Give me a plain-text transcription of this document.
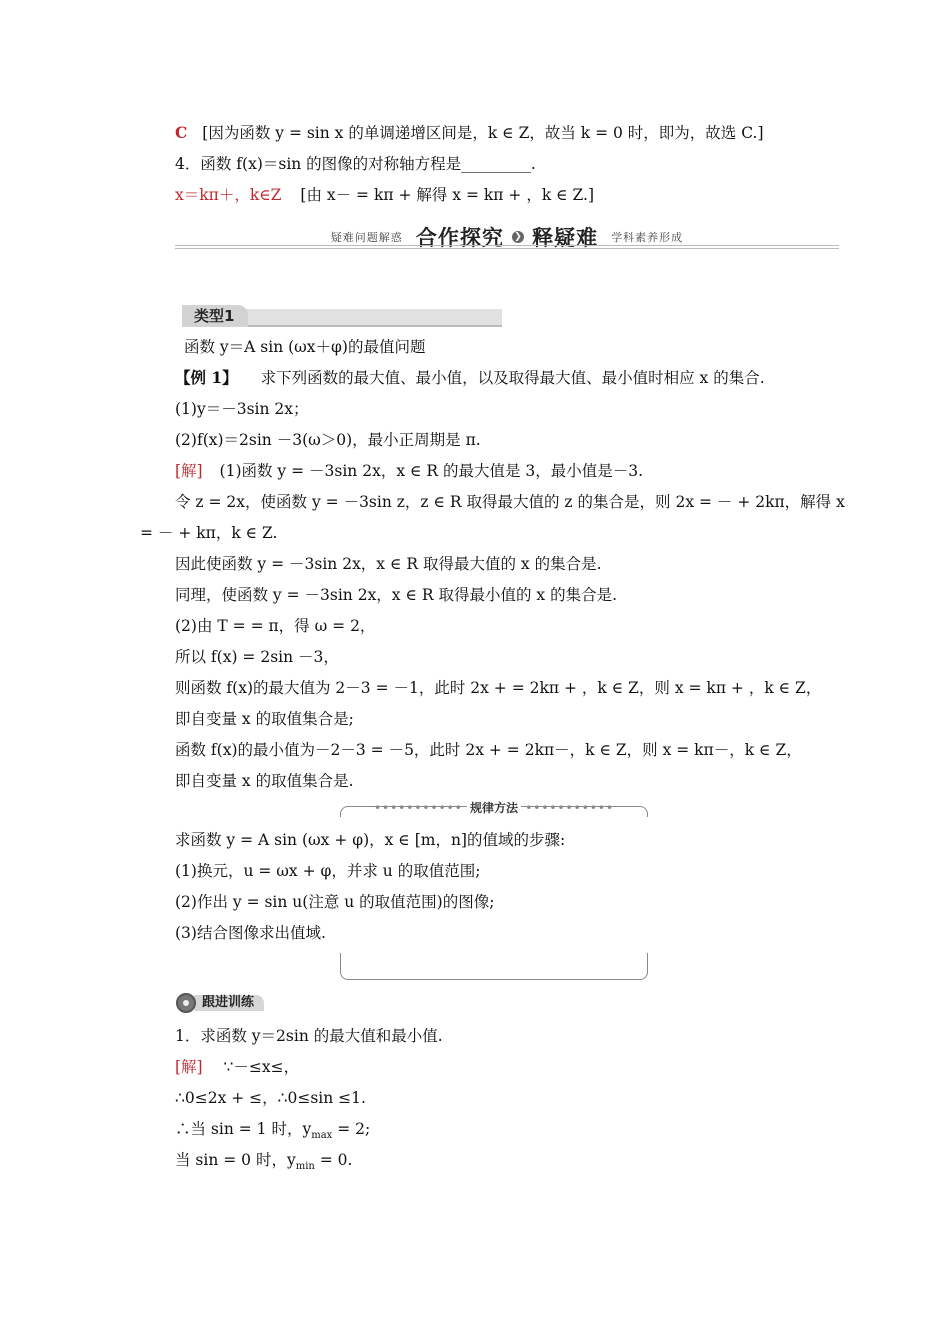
C [因为函数 y = sin x 的单调递增区间是，k ∈ Z，故当 k = 0 时，即为，故选 C.]
4．函数 f(x)＝sin 的图像的对称轴方程是_________.
x＝kπ＋，k∈Z [由 x－ = kπ + 解得 x = kπ + ，k ∈ Z.]
疑难问题解惑 合作探究 ❯ 释疑难 学科素养形成
类型1
函数 y＝A sin (ωx＋φ)的最值问题
【例 1】 求下列函数的最大值、最小值，以及取得最大值、最小值时相应 x 的集合.
(1)y＝－3sin 2x；
(2)f(x)＝2sin －3(ω＞0)，最小正周期是 π.
[解] (1)函数 y = －3sin 2x，x ∈ R 的最大值是 3，最小值是－3.
令 z = 2x，使函数 y = －3sin z，z ∈ R 取得最大值的 z 的集合是，则 2x = － + 2kπ，解得 x
= － + kπ，k ∈ Z.
因此使函数 y = －3sin 2x，x ∈ R 取得最大值的 x 的集合是.
同理，使函数 y = －3sin 2x，x ∈ R 取得最小值的 x 的集合是.
(2)由 T = = π，得 ω = 2，
所以 f(x) = 2sin －3，
则函数 f(x)的最大值为 2－3 = －1，此时 2x + = 2kπ + ，k ∈ Z，则 x = kπ + ，k ∈ Z，
即自变量 x 的取值集合是;
函数 f(x)的最小值为－2－3 = －5，此时 2x + = 2kπ－，k ∈ Z，则 x = kπ－，k ∈ Z，
即自变量 x 的取值集合是.
••••••••••• 规律方法 •••••••••••
求函数 y = A sin (ωx + φ)，x ∈ [m，n]的值域的步骤:
(1)换元，u = ωx + φ，并求 u 的取值范围;
(2)作出 y = sin u(注意 u 的取值范围)的图像;
(3)结合图像求出值域.
跟进训练
1．求函数 y＝2sin 的最大值和最小值.
[解] ∵－≤x≤，
∴0≤2x + ≤，∴0≤sin ≤1.
∴当 sin = 1 时，$y_{max} = 2$;
当 sin = 0 时，$y_{min} = 0$.
